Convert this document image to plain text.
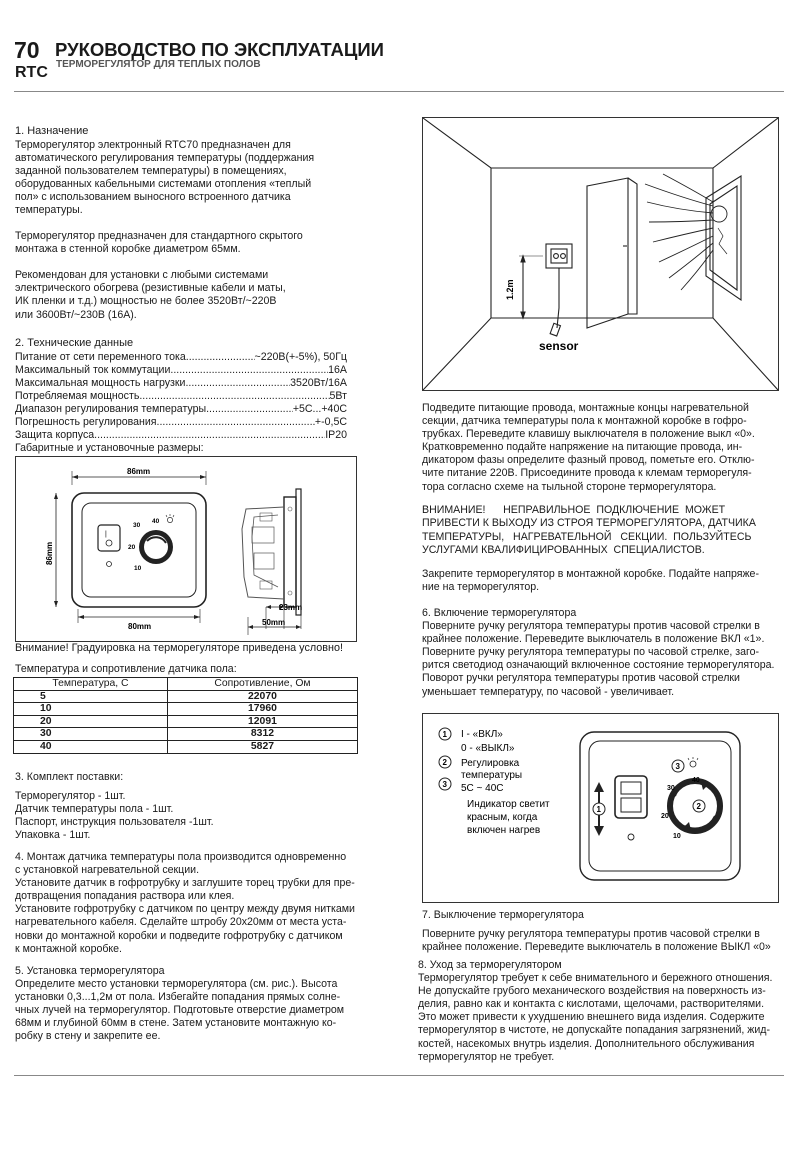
70
RTC
РУКОВОДСТВО ПО ЭКСПЛУАТАЦИИ
ТЕРМОРЕГУЛЯТОР ДЛЯ ТЕПЛЫХ ПОЛОВ

1. Назначение

Терморегулятор электронный RTC70 предназначен для

автоматического регулирования температуры (поддержания

заданной пользователем температуры) в помещениях,

оборудованных кабельными системами отопления «теплый

пол» с использованием выносного встроенного датчика

температуры.

Терморегулятор предназначен для стандартного скрытого

монтажа в стенной коробке диаметром 65мм.

Рекомендован для установки с любыми системами

электрического обогрева (резистивные кабели и маты,

ИК пленки и т.д.) мощностью не более 3520Вт/~220В

или 3600Вт/~230В (16А).

2. Технические данные

Питание от сети переменного тока .....	~220В(+-5%), 50Гц
Максимальный ток коммутации .....	16А
Максимальная мощность нагрузки .....	3520Вт/16А
Потребляемая мощность .....	5Вт
Диапазон регулирования температуры .....	+5С...+40С
Погрешность регулирования .....	+-0,5С
Защита корпуса .....	IP20

Габаритные и установочные размеры:

86mm
86mm
|
30
40
20
10
80mm
23mm
50mm

Внимание! Градуировка на терморегуляторе приведена условно!

Температура и сопротивление датчика пола:

Температура, С	Сопротивление, Ом
5	22070
10	17960
20	12091
30	8312
40	5827

3. Комплект поставки:

Терморегулятор - 1шт.

Датчик температуры пола - 1шт.

Паспорт, инструкция пользователя -1шт.

Упаковка - 1шт.

4. Монтаж датчика температуры пола производится одновременно

с установкой нагревательной секции.

Установите датчик в гофротрубку и заглушите торец трубки для пре-

дотвращения попадания раствора или клея.

Установите гофротрубку с датчиком по центру между двумя нитками

нагревательного кабеля. Сделайте штробу 20х20мм от места уста-

новки до монтажной коробки и подведите гофротрубку с датчиком

к монтажной коробке.

5. Установка терморегулятора

Определите место установки терморегулятора (см. рис.). Высота

установки 0,3...1,2м от пола. Избегайте попадания прямых солне-

чных лучей на терморегулятор. Подготовьте отверстие диаметром

68мм и глубиной 60мм в стене. Затем установите монтажную ко-

робку в стену и закрепите ее.

1.2m
sensor

Подведите питающие провода, монтажные концы нагревательной

секции, датчика температуры пола к монтажной коробке в гофро-

трубках. Переведите клавишу выключателя в положение выкл «0».

Кратковременно подайте напряжение на питающие провода, ин-

дикатором фазы определите фазный провод, пометьте его. Отклю-

чите питание 220В. Присоедините провода к клемам терморегуля-

тора согласно схеме на тыльной стороне терморегулятора.

ВНИМАНИЕ!      НЕПРАВИЛЬНОЕ  ПОДКЛЮЧЕНИЕ  МОЖЕТ

ПРИВЕСТИ К ВЫХОДУ ИЗ СТРОЯ ТЕРМОРЕГУЛЯТОРА, ДАТЧИКА

ТЕМПЕРАТУРЫ,   НАГРЕВАТЕЛЬНОЙ   СЕКЦИИ.  ПОЛЬЗУЙТЕСЬ

УСЛУГАМИ КВАЛИФИЦИРОВАННЫХ  СПЕЦИАЛИСТОВ.

Закрепите терморегулятор в монтажной коробке. Подайте напряже-

ние на терморегулятор.

6. Включение терморегулятора

Поверните ручку регулятора температуры против часовой стрелки в

крайнее положение. Переведите выключатель в положение ВКЛ «1».

Поверните ручку регулятора температуры по часовой стрелке, заго-

рится светодиод означающий включенное состояние терморегулятора.

Поворот ручки регулятора температуры против часовой стрелки

уменьшает температуру, по часовой - увеличивает.

1
2
3
I - «ВКЛ»
0 - «ВЫКЛ»
Регулировка
температуры
5С ~ 40С
Индикатор светит
красным, когда
включен нагрев
3
2
40
30
20
10
1

7. Выключение терморегулятора

Поверните ручку регулятора температуры против часовой стрелки в

крайнее положение. Переведите выключатель в положение ВЫКЛ «0»

8. Уход за терморегулятором

Терморегулятор требует к себе внимательного и бережного отношения.

Не допускайте грубого механического воздействия на поверхность из-

делия, равно как и контакта с кислотами, щелочами, растворителями.

Это может привести к ухудшению внешнего вида изделия. Содержите

терморегулятор в чистоте, не допускайте попадания загрязнений, жид-

костей, насекомых внутрь изделия. Дополнительного обслуживания

терморегулятор не требует.
